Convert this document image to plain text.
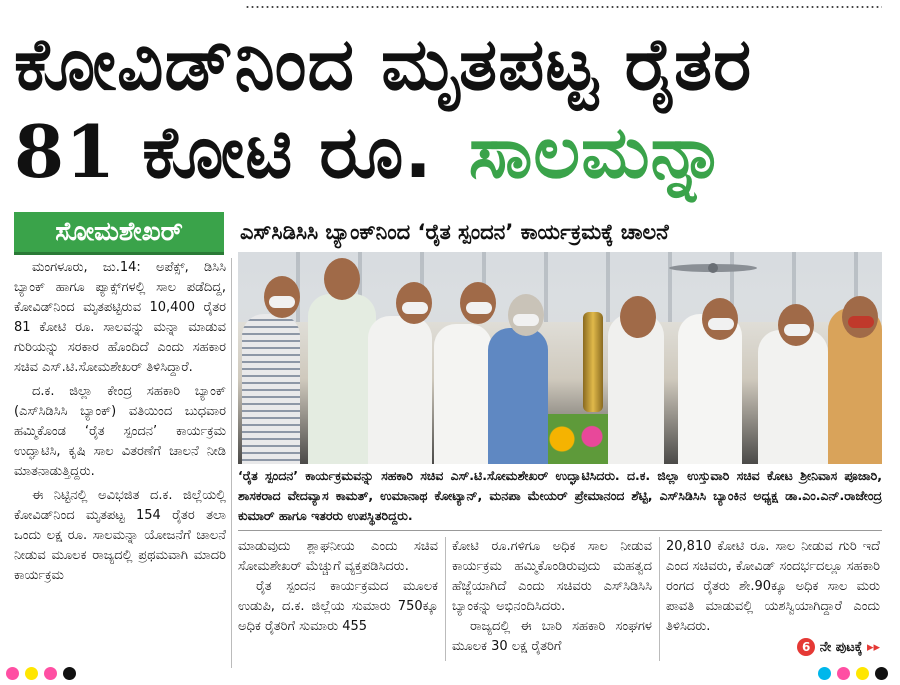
ಕೋವಿಡ್‌ನಿಂದ ಮೃತಪಟ್ಟ ರೈತರ
81 ಕೋಟಿ ರೂ. ಸಾಲಮನ್ನಾ
ಸೋಮಶೇಖರ್	ಎಸ್‌ಸಿಡಿಸಿಸಿ ಬ್ಯಾಂಕ್‌ನಿಂದ ‘ರೈತ ಸ್ಪಂದನ’ ಕಾರ್ಯಕ್ರಮಕ್ಕೆ ಚಾಲನೆ

ಮಂಗಳೂರು, ಜು.14: ಅಪೆಕ್ಸ್, ಡಿಸಿಸಿ ಬ್ಯಾಂಕ್ ಹಾಗೂ ಪ್ಯಾಕ್ಸ್‌ಗಳಲ್ಲಿ ಸಾಲ ಪಡೆದಿದ್ದ, ಕೋವಿಡ್‌ನಿಂದ ಮೃತಪಟ್ಟಿರುವ 10,400 ರೈತರ 81 ಕೋಟಿ ರೂ. ಸಾಲವನ್ನು ಮನ್ನಾ ಮಾಡುವ ಗುರಿಯನ್ನು ಸರಕಾರ ಹೊಂದಿದೆ ಎಂದು ಸಹಕಾರ ಸಚಿವ ಎಸ್.ಟಿ.ಸೋಮಶೇಖರ್ ತಿಳಿಸಿದ್ದಾರೆ.

ದ.ಕ. ಜಿಲ್ಲಾ ಕೇಂದ್ರ ಸಹಕಾರಿ ಬ್ಯಾಂಕ್ (ಎಸ್‌ಸಿಡಿಸಿಸಿ ಬ್ಯಾಂಕ್) ವತಿಯಿಂದ ಬುಧವಾರ ಹಮ್ಮಿಕೊಂಡ ‘ರೈತ ಸ್ಪಂದನ’ ಕಾರ್ಯಕ್ರಮ ಉದ್ಘಾಟಿಸಿ, ಕೃಷಿ ಸಾಲ ವಿತರಣೆಗೆ ಚಾಲನೆ ನೀಡಿ ಮಾತನಾಡುತ್ತಿದ್ದರು.

ಈ ನಿಟ್ಟಿನಲ್ಲಿ ಅವಿಭಜಿತ ದ.ಕ. ಜಿಲ್ಲೆಯಲ್ಲಿ ಕೋವಿಡ್‌ನಿಂದ ಮೃತಪಟ್ಟ 154 ರೈತರ ತಲಾ ಒಂದು ಲಕ್ಷ ರೂ. ಸಾಲಮನ್ನಾ ಯೋಜನೆಗೆ ಚಾಲನೆ ನೀಡುವ ಮೂಲಕ ರಾಜ್ಯದಲ್ಲಿ ಪ್ರಥಮವಾಗಿ ಮಾದರಿ ಕಾರ್ಯಕ್ರಮ

‘ರೈತ ಸ್ಪಂದನ’ ಕಾರ್ಯಕ್ರಮವನ್ನು ಸಹಕಾರಿ ಸಚಿವ ಎಸ್.ಟಿ.ಸೋಮಶೇಖರ್ ಉದ್ಘಾಟಿಸಿದರು. ದ.ಕ. ಜಿಲ್ಲಾ ಉಸ್ತುವಾರಿ ಸಚಿವ ಕೋಟ ಶ್ರೀನಿವಾಸ ಪೂಜಾರಿ, ಶಾಸಕರಾದ ವೇದವ್ಯಾಸ ಕಾಮತ್, ಉಮಾನಾಥ ಕೋಟ್ಯಾನ್, ಮನಪಾ ಮೇಯರ್ ಪ್ರೇಮಾನಂದ ಶೆಟ್ಟಿ, ಎಸ್‌ಸಿಡಿಸಿಸಿ ಬ್ಯಾಂಕಿನ ಅಧ್ಯಕ್ಷ ಡಾ.ಎಂ.ಎನ್.ರಾಜೇಂದ್ರ ಕುಮಾರ್ ಹಾಗೂ ಇತರರು ಉಪಸ್ಥಿತರಿದ್ದರು.

ಮಾಡುವುದು ಶ್ಲಾಘನೀಯ ಎಂದು ಸಚಿವ ಸೋಮಶೇಖರ್ ಮೆಚ್ಚುಗೆ ವ್ಯಕ್ತಪಡಿಸಿದರು.

ರೈತ ಸ್ಪಂದನ ಕಾರ್ಯಕ್ರಮದ ಮೂಲಕ ಉಡುಪಿ, ದ.ಕ. ಜಿಲ್ಲೆಯ ಸುಮಾರು 750ಕ್ಕೂ ಅಧಿಕ ರೈತರಿಗೆ ಸುಮಾರು 455

ಕೋಟಿ ರೂ.ಗಳಿಗೂ ಅಧಿಕ ಸಾಲ ನೀಡುವ ಕಾರ್ಯಕ್ರಮ ಹಮ್ಮಿಕೊಂಡಿರುವುದು ಮಹತ್ವದ ಹೆಜ್ಜೆಯಾಗಿದೆ ಎಂದು ಸಚಿವರು ಎಸ್‌ಸಿಡಿಸಿಸಿ ಬ್ಯಾಂಕನ್ನು ಅಭಿನಂದಿಸಿದರು.

ರಾಜ್ಯದಲ್ಲಿ ಈ ಬಾರಿ ಸಹಕಾರಿ ಸಂಘಗಳ ಮೂಲಕ 30 ಲಕ್ಷ ರೈತರಿಗೆ

20,810 ಕೋಟಿ ರೂ. ಸಾಲ ನೀಡುವ ಗುರಿ ಇದೆ ಎಂದ ಸಚಿವರು, ಕೋವಿಡ್ ಸಂದರ್ಭದಲ್ಲೂ ಸಹಕಾರಿ ರಂಗದ ರೈತರು ಶೇ.90ಕ್ಕೂ ಅಧಿಕ ಸಾಲ ಮರು ಪಾವತಿ ಮಾಡುವಲ್ಲಿ ಯಶಸ್ವಿಯಾಗಿದ್ದಾರೆ ಎಂದು ತಿಳಿಸಿದರು.

6 ನೇ ಪುಟಕ್ಕೆ ▸▸
